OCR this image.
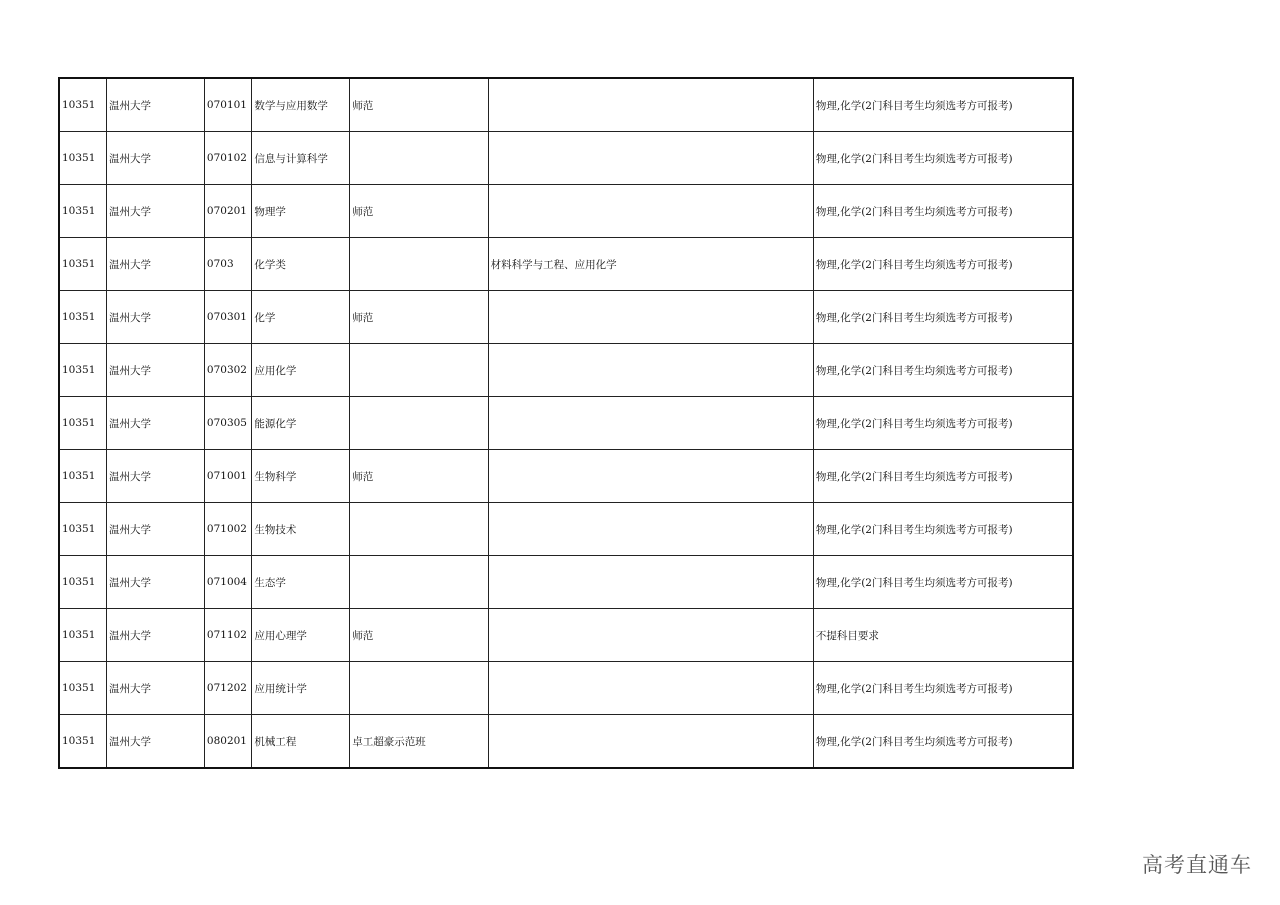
10351	温州大学	070101	数学与应用数学	师范		物理,化学(2门科目考生均须选考方可报考)
10351	温州大学	070102	信息与计算科学			物理,化学(2门科目考生均须选考方可报考)
10351	温州大学	070201	物理学	师范		物理,化学(2门科目考生均须选考方可报考)
10351	温州大学	0703	化学类		材料科学与工程、应用化学	物理,化学(2门科目考生均须选考方可报考)
10351	温州大学	070301	化学	师范		物理,化学(2门科目考生均须选考方可报考)
10351	温州大学	070302	应用化学			物理,化学(2门科目考生均须选考方可报考)
10351	温州大学	070305	能源化学			物理,化学(2门科目考生均须选考方可报考)
10351	温州大学	071001	生物科学	师范		物理,化学(2门科目考生均须选考方可报考)
10351	温州大学	071002	生物技术			物理,化学(2门科目考生均须选考方可报考)
10351	温州大学	071004	生态学			物理,化学(2门科目考生均须选考方可报考)
10351	温州大学	071102	应用心理学	师范		不提科目要求
10351	温州大学	071202	应用统计学			物理,化学(2门科目考生均须选考方可报考)
10351	温州大学	080201	机械工程	卓工超豪示范班		物理,化学(2门科目考生均须选考方可报考)
高考直通车
